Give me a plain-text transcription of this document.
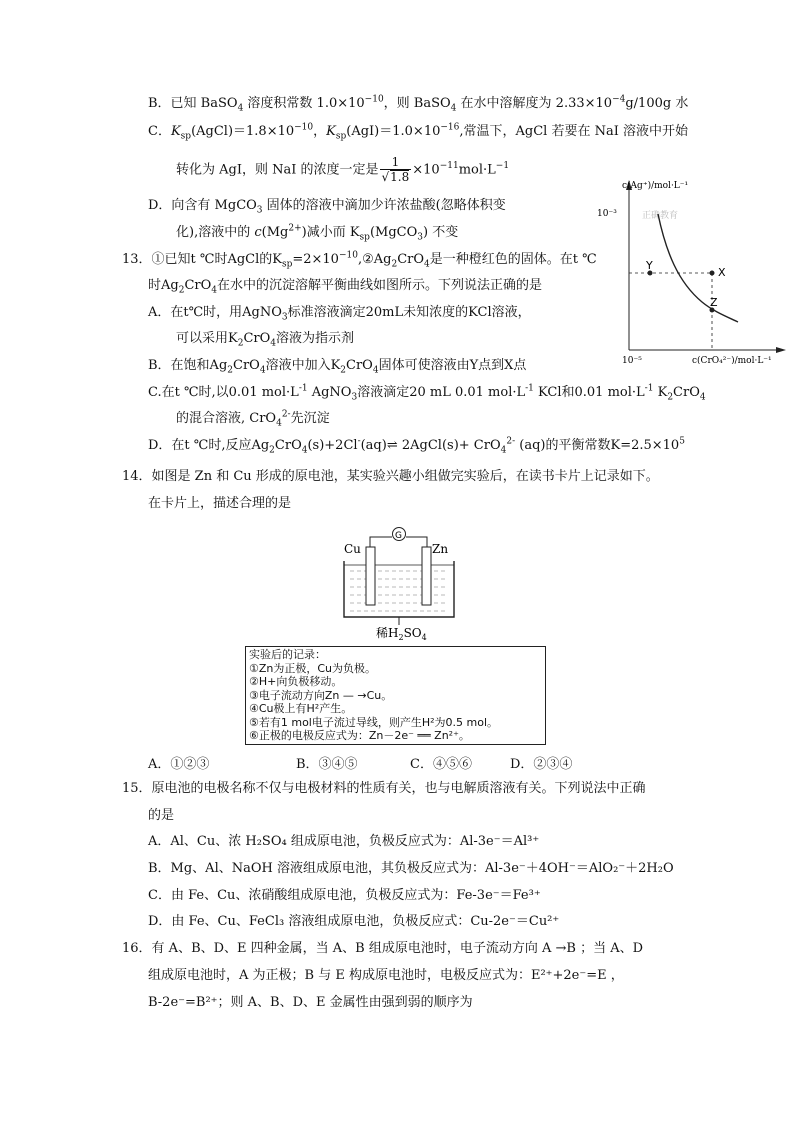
B．已知 BaSO$_4$ 溶度积常数 $1.0\times 10^{-10}$，则 BaSO$_4$ 在水中溶解度为 $2.33\times 10^{-4}g/100g$ 水
C．$K_{sp}(AgCl)=1.8\times 10^{-10}$，$K_{sp}(AgI)=1.0\times 10^{-16}$,常温下，AgCl 若要在 NaI 溶液中开始
转化为 AgI，则 NaI 的浓度一定是 $\frac{1}{√1.8} \times 10^{-11}mol\cdot L^{-1}$
D．向含有 MgCO$_3$ 固体的溶液中滴加少许浓盐酸(忽略体积变
化),溶液中的 $c(Mg^{2+})$减小而 $K_{sp}(MgCO_3)$ 不变
c(Ag⁺)/mol·L⁻¹
10⁻³
10⁻⁵	c(CrO₄²⁻)/mol·L⁻¹
正确教育
Y
X
Z
13．①已知t ℃时AgCl的$K_{sp}=2\times 10^{-10},②Ag_2CrO_4$是一种橙红色的固体。在t ℃
时$Ag_2CrO_4$在水中的沉淀溶解平衡曲线如图所示。下列说法正确的是
A．在t℃时，用AgNO$_3$标准溶液滴定20mL未知浓度的KCl溶液，
可以采用$K_2CrO_4$溶液为指示剂
B．在饱和$Ag_2CrO_4$溶液中加入$K_2CrO_4$固体可使溶液由Y点到X点
C.在t ℃时,以0.01 $mol\cdot L^{-1}$ AgNO$_3$溶液滴定20 mL 0.01 $mol\cdot L^{-1}$ KCl和0.01 $mol\cdot L^{-1}$ $K_2CrO_4$
的混合溶液, CrO$_4^{2-}$先沉淀
D．在t ℃时,反应$Ag_2CrO_4(s)+2Cl^-(aq)\rightleftharpoons$ 2AgCl(s)+ CrO$_4^{2-}$ (aq)的平衡常数$K=2.5\times 10^5$
14．如图是 Zn 和 Cu 形成的原电池，某实验兴趣小组做完实验后，在读书卡片上记录如下。
在卡片上，描述合理的是
G
Cu	Zn
稀$H_2SO_4$
实验后的记录：
①Zn为正极，Cu为负极。
②H+向负极移动。
③电子流动方向Zn — →Cu。
④Cu极上有H²产生。
⑤若有1 mol电子流过导线，则产生H²为0.5 mol。
⑥正极的电极反应式为：Zn－2e⁻ ══ Zn²⁺。
A．①②③	B．③④⑤	C．④⑤⑥	D．②③④
15．原电池的电极名称不仅与电极材料的性质有关，也与电解质溶液有关。下列说法中正确
的是
A．Al、Cu、浓 H₂SO₄ 组成原电池，负极反应式为：Al-3e⁻＝Al³⁺
B．Mg、Al、NaOH 溶液组成原电池，其负极反应式为：Al-3e⁻＋4OH⁻＝AlO₂⁻＋2H₂O
C．由 Fe、Cu、浓硝酸组成原电池，负极反应式为：Fe-3e⁻＝Fe³⁺
D．由 Fe、Cu、FeCl₃ 溶液组成原电池，负极反应式：Cu-2e⁻＝Cu²⁺
16．有 A、B、D、E 四种金属，当 A、B 组成原电池时，电子流动方向 A →B ；当 A、D
组成原电池时，A 为正极；B 与 E 构成原电池时，电极反应式为：E²⁺+2e⁻=E ，
B-2e⁻=B²⁺；则 A、B、D、E 金属性由强到弱的顺序为
